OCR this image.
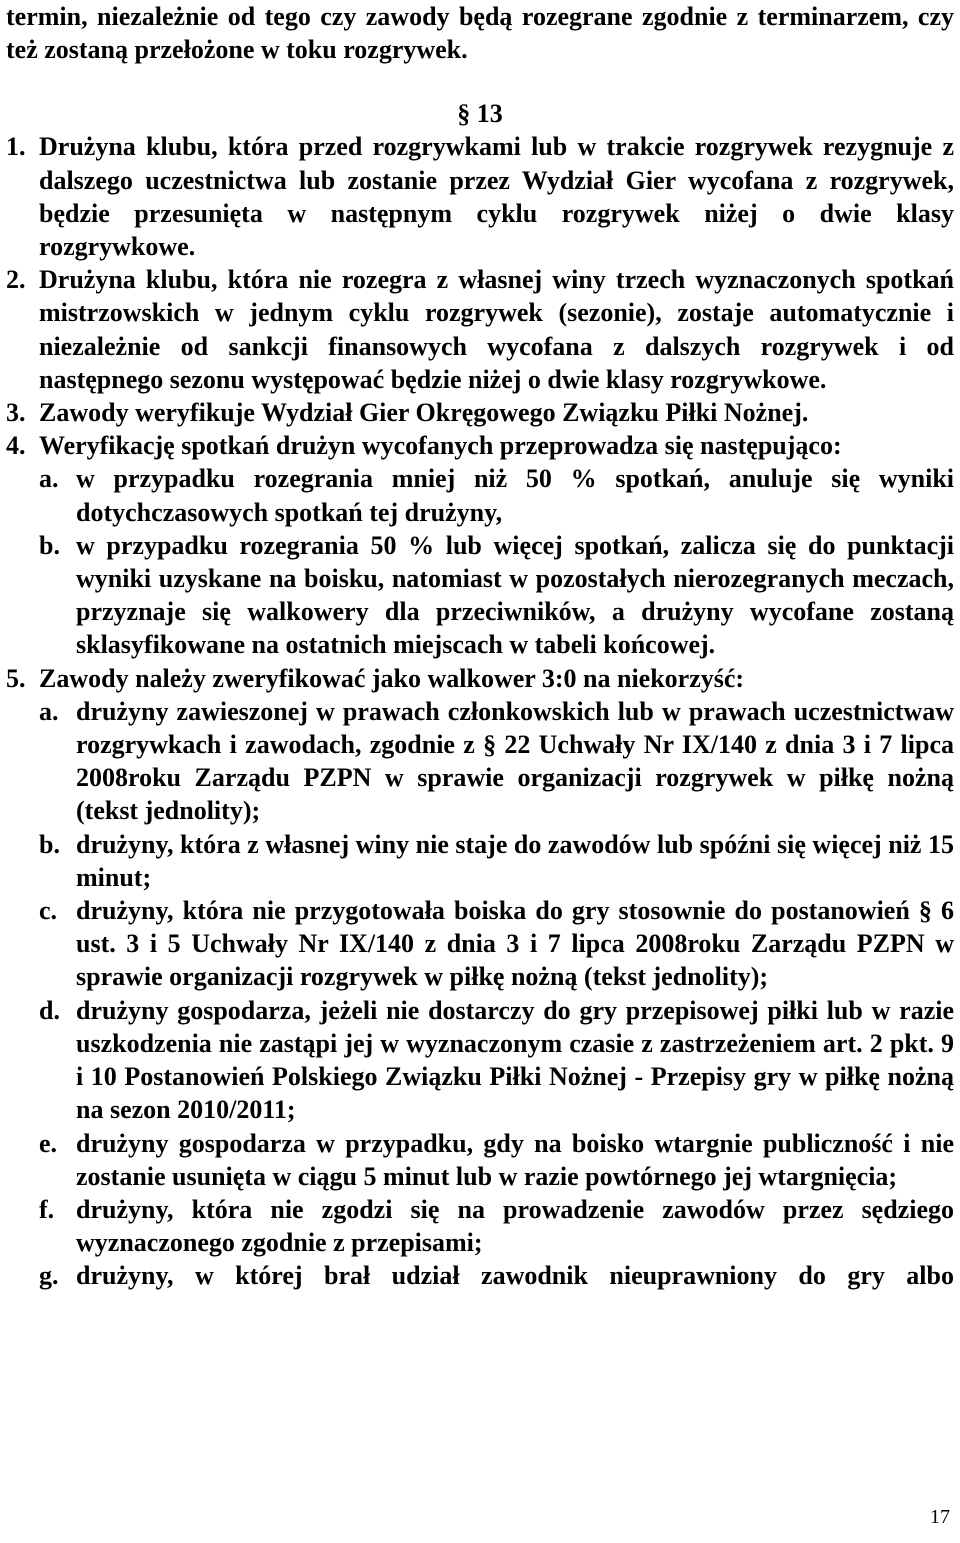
termin, niezależnie od tego czy zawody będą rozegrane zgodnie z terminarzem, czy też zostaną przełożone w toku rozgrywek.
§ 13
1. Drużyna klubu, która przed rozgrywkami lub w trakcie rozgrywek rezygnuje z dalszego uczestnictwa lub zostanie przez Wydział Gier wycofana z rozgrywek, będzie przesunięta w następnym cyklu rozgrywek niżej o dwie klasy rozgrywkowe.
2. Drużyna klubu, która nie rozegra z własnej winy trzech wyznaczonych spotkań mistrzowskich w jednym cyklu rozgrywek (sezonie), zostaje automatycznie i niezależnie od sankcji finansowych wycofana z dalszych rozgrywek i od następnego sezonu występować będzie niżej o dwie klasy rozgrywkowe.
3. Zawody weryfikuje Wydział Gier Okręgowego Związku Piłki Nożnej.
4. Weryfikację spotkań drużyn wycofanych przeprowadza się następująco:
a. w przypadku rozegrania mniej niż 50 % spotkań, anuluje się wyniki dotychczasowych spotkań tej drużyny,
b. w przypadku rozegrania 50 % lub więcej spotkań, zalicza się do punktacji wyniki uzyskane na boisku, natomiast w pozostałych nierozegranych meczach, przyznaje się walkowery dla przeciwników, a drużyny wycofane zostaną sklasyfikowane na ostatnich miejscach w tabeli końcowej.
5. Zawody należy zweryfikować jako walkower 3:0 na niekorzyść:
a. drużyny zawieszonej w prawach członkowskich lub w prawach uczestnictwaw rozgrywkach i zawodach, zgodnie z § 22 Uchwały Nr IX/140 z dnia 3 i 7 lipca 2008roku Zarządu PZPN w sprawie organizacji rozgrywek w piłkę nożną (tekst jednolity);
b. drużyny, która z własnej winy nie staje do zawodów lub spóźni się więcej niż 15 minut;
c. drużyny, która nie przygotowała boiska do gry stosownie do postanowień § 6 ust. 3 i 5 Uchwały Nr IX/140 z dnia 3 i 7 lipca 2008roku Zarządu PZPN w sprawie organizacji rozgrywek w piłkę nożną (tekst jednolity);
d. drużyny gospodarza, jeżeli nie dostarczy do gry przepisowej piłki lub w razie uszkodzenia nie zastąpi jej w wyznaczonym czasie z zastrzeżeniem art. 2 pkt. 9 i 10 Postanowień Polskiego Związku Piłki Nożnej - Przepisy gry w piłkę nożną na sezon 2010/2011;
e. drużyny gospodarza w przypadku, gdy na boisko wtargnie publiczność i nie zostanie usunięta w ciągu 5 minut lub w razie powtórnego jej wtargnięcia;
f. drużyny, która nie zgodzi się na prowadzenie zawodów przez sędziego wyznaczonego zgodnie z przepisami;
g. drużyny, w której brał udział zawodnik nieuprawniony do gry albo
17
